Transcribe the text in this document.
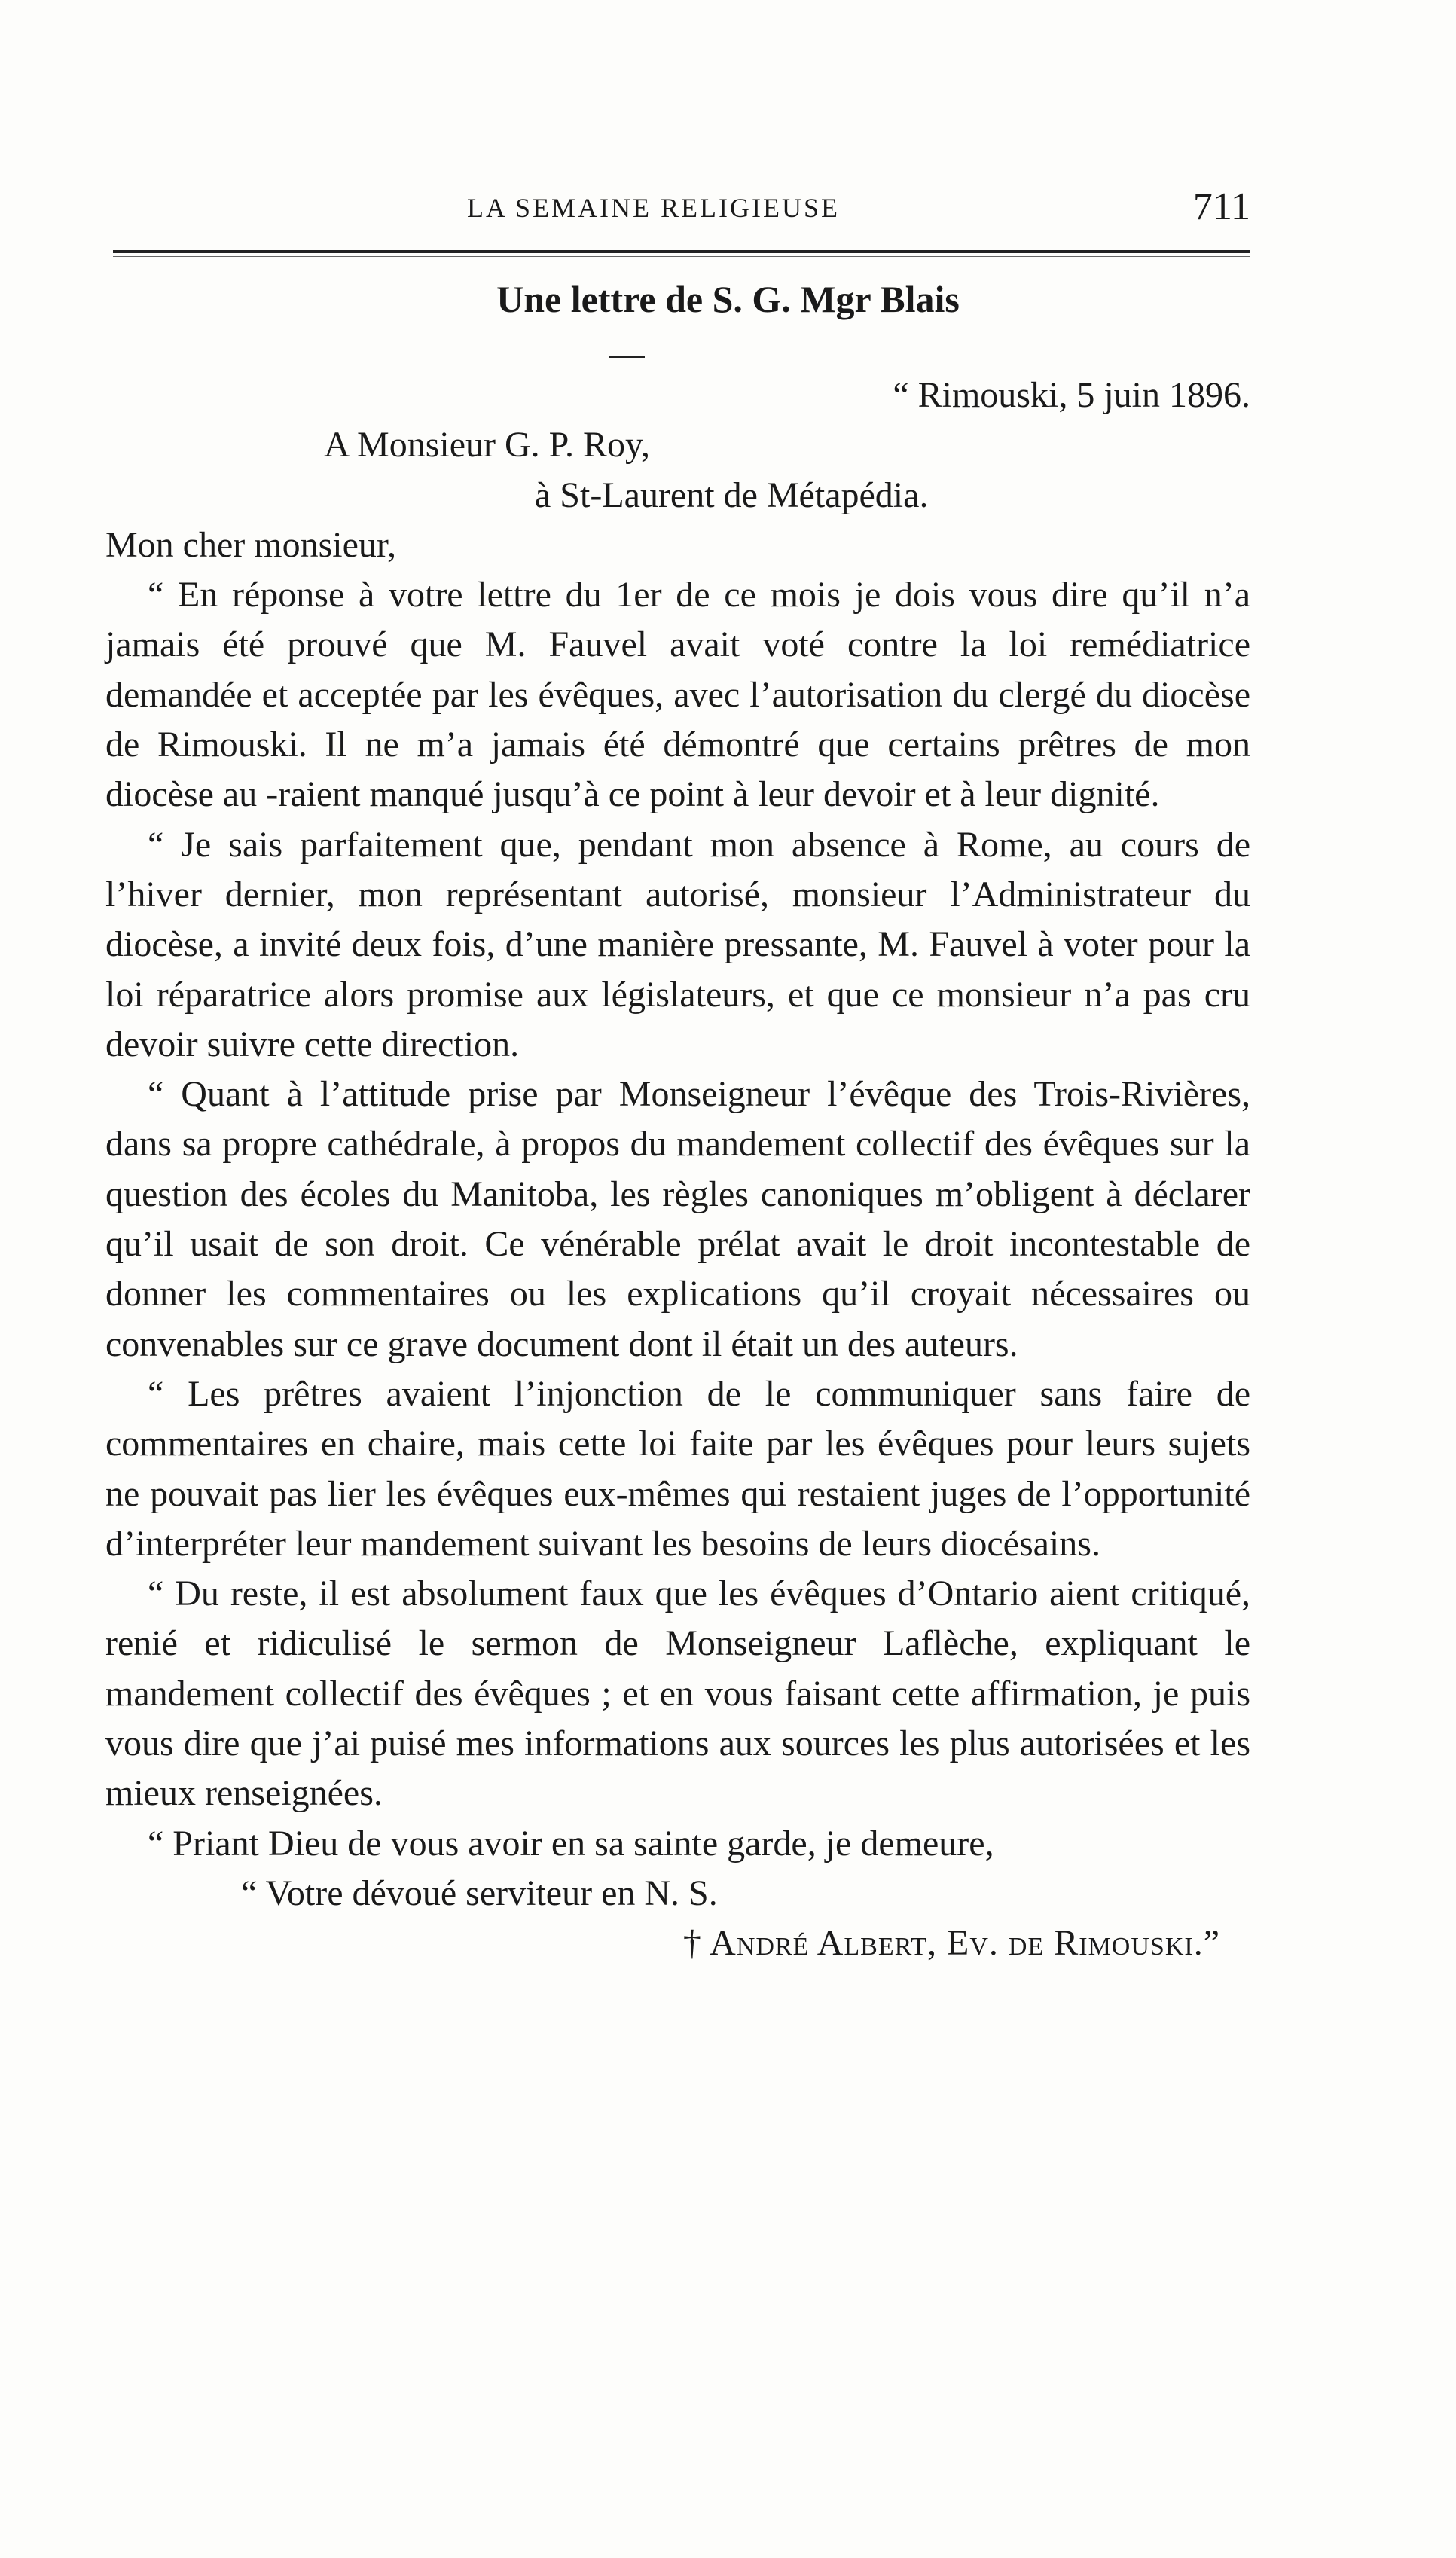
LA SEMAINE RELIGIEUSE	711
Une lettre de S. G. Mgr Blais
“ Rimouski, 5 juin 1896.
A Monsieur G. P. Roy,
à St-Laurent de Métapédia.
Mon cher monsieur,

“ En réponse à votre lettre du 1er de ce mois je dois vous dire qu’il n’a jamais été prouvé que M. Fauvel avait voté contre la loi remédiatrice demandée et acceptée par les évêques, avec l’autorisation du clergé du diocèse de Rimouski. Il ne m’a jamais été démontré que certains prêtres de mon diocèse au -raient manqué jusqu’à ce point à leur devoir et à leur dignité.

“ Je sais parfaitement que, pendant mon absence à Rome, au cours de l’hiver dernier, mon représentant autorisé, monsieur l’Administrateur du diocèse, a invité deux fois, d’une manière pressante, M. Fauvel à voter pour la loi réparatrice alors promise aux législateurs, et que ce monsieur n’a pas cru devoir suivre cette direction.

“ Quant à l’attitude prise par Monseigneur l’évêque des Trois-Rivières, dans sa propre cathédrale, à propos du mandement collectif des évêques sur la question des écoles du Manitoba, les règles canoniques m’obligent à déclarer qu’il usait de son droit. Ce vénérable prélat avait le droit incontestable de donner les commentaires ou les explications qu’il croyait nécessaires ou convenables sur ce grave document dont il était un des auteurs.

“ Les prêtres avaient l’injonction de le communiquer sans faire de commentaires en chaire, mais cette loi faite par les évêques pour leurs sujets ne pouvait pas lier les évêques eux-mêmes qui restaient juges de l’opportunité d’interpréter leur mandement suivant les besoins de leurs diocésains.

“ Du reste, il est absolument faux que les évêques d’Ontario aient critiqué, renié et ridiculisé le sermon de Monseigneur Laflèche, expliquant le mandement collectif des évêques ; et en vous faisant cette affirmation, je puis vous dire que j’ai puisé mes informations aux sources les plus autorisées et les mieux renseignées.

“ Priant Dieu de vous avoir en sa sainte garde, je demeure,

“ Votre dévoué serviteur en N. S.
† André Albert, Ev. de Rimouski.”
